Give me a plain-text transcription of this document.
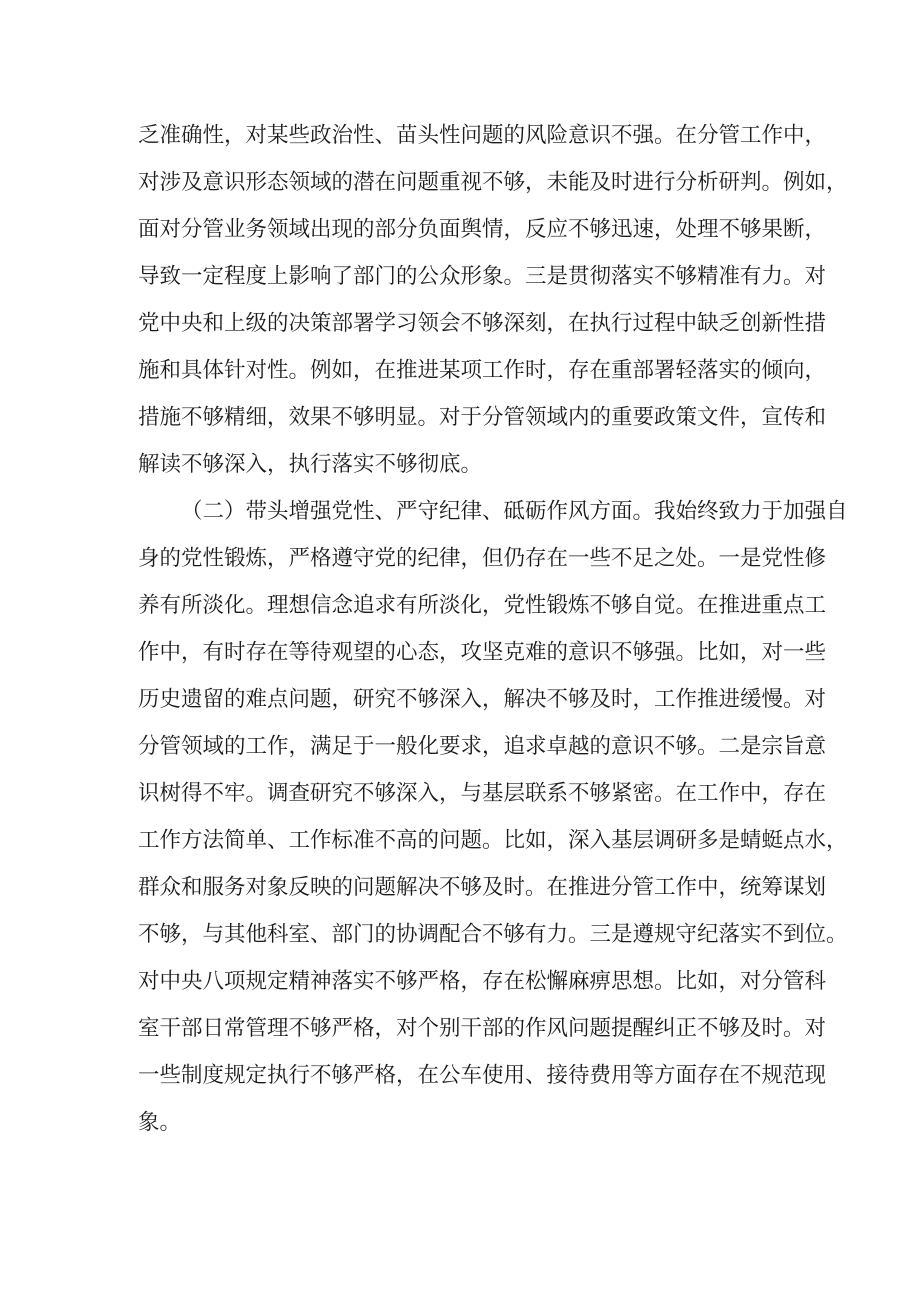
乏准确性，对某些政治性、苗头性问题的风险意识不强。在分管工作中，
对涉及意识形态领域的潜在问题重视不够，未能及时进行分析研判。例如，
面对分管业务领域出现的部分负面舆情，反应不够迅速，处理不够果断，
导致一定程度上影响了部门的公众形象。三是贯彻落实不够精准有力。对
党中央和上级的决策部署学习领会不够深刻，在执行过程中缺乏创新性措
施和具体针对性。例如，在推进某项工作时，存在重部署轻落实的倾向，
措施不够精细，效果不够明显。对于分管领域内的重要政策文件，宣传和
解读不够深入，执行落实不够彻底。
（二）带头增强党性、严守纪律、砥砺作风方面。我始终致力于加强自
身的党性锻炼，严格遵守党的纪律，但仍存在一些不足之处。一是党性修
养有所淡化。理想信念追求有所淡化，党性锻炼不够自觉。在推进重点工
作中，有时存在等待观望的心态，攻坚克难的意识不够强。比如，对一些
历史遗留的难点问题，研究不够深入，解决不够及时，工作推进缓慢。对
分管领域的工作，满足于一般化要求，追求卓越的意识不够。二是宗旨意
识树得不牢。调查研究不够深入，与基层联系不够紧密。在工作中，存在
工作方法简单、工作标准不高的问题。比如，深入基层调研多是蜻蜓点水，
群众和服务对象反映的问题解决不够及时。在推进分管工作中，统筹谋划
不够，与其他科室、部门的协调配合不够有力。三是遵规守纪落实不到位。
对中央八项规定精神落实不够严格，存在松懈麻痹思想。比如，对分管科
室干部日常管理不够严格，对个别干部的作风问题提醒纠正不够及时。对
一些制度规定执行不够严格，在公车使用、接待费用等方面存在不规范现
象。
